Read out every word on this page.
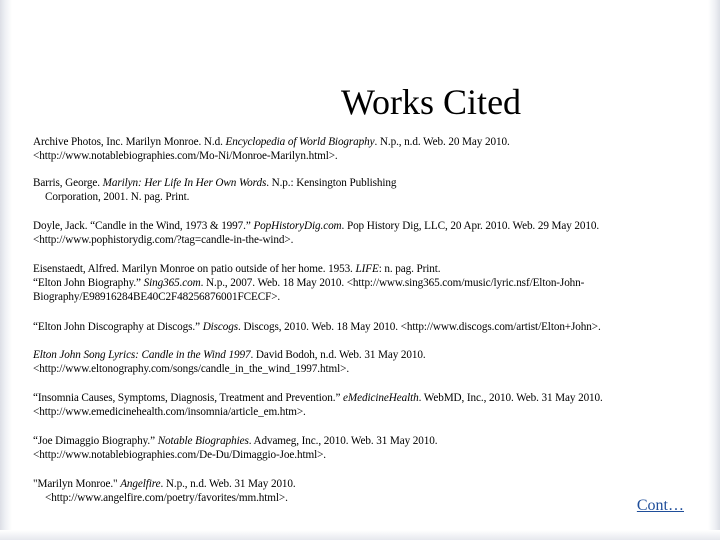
Works Cited
Archive Photos, Inc. Marilyn Monroe. N.d. Encyclopedia of World Biography. N.p., n.d. Web. 20 May 2010.
<http://www.notablebiographies.com/Mo-Ni/Monroe-Marilyn.html>.
Barris, George. Marilyn: Her Life In Her Own Words. N.p.: Kensington Publishing
Corporation, 2001. N. pag. Print.
Doyle, Jack. “Candle in the Wind, 1973 & 1997.” PopHistoryDig.com. Pop History Dig, LLC, 20 Apr. 2010. Web. 29 May 2010.
<http://www.pophistorydig.com/?tag=candle-in-the-wind>.
Eisenstaedt, Alfred. Marilyn Monroe on patio outside of her home. 1953. LIFE: n. pag. Print.
“Elton John Biography.” Sing365.com. N.p., 2007. Web. 18 May 2010. <http://www.sing365.com/music/lyric.nsf/Elton-John-
Biography/E98916284BE40C2F48256876001FCECF>.
“Elton John Discography at Discogs.” Discogs. Discogs, 2010. Web. 18 May 2010. <http://www.discogs.com/artist/Elton+John>.
Elton John Song Lyrics: Candle in the Wind 1997. David Bodoh, n.d. Web. 31 May 2010.
<http://www.eltonography.com/songs/candle_in_the_wind_1997.html>.
“Insomnia Causes, Symptoms, Diagnosis, Treatment and Prevention.” eMedicineHealth. WebMD, Inc., 2010. Web. 31 May 2010.
<http://www.emedicinehealth.com/insomnia/article_em.htm>.
“Joe Dimaggio Biography.” Notable Biographies. Advameg, Inc., 2010. Web. 31 May 2010.
<http://www.notablebiographies.com/De-Du/Dimaggio-Joe.html>.
"Marilyn Monroe." Angelfire. N.p., n.d. Web. 31 May 2010.
<http://www.angelfire.com/poetry/favorites/mm.html>.	Cont…
